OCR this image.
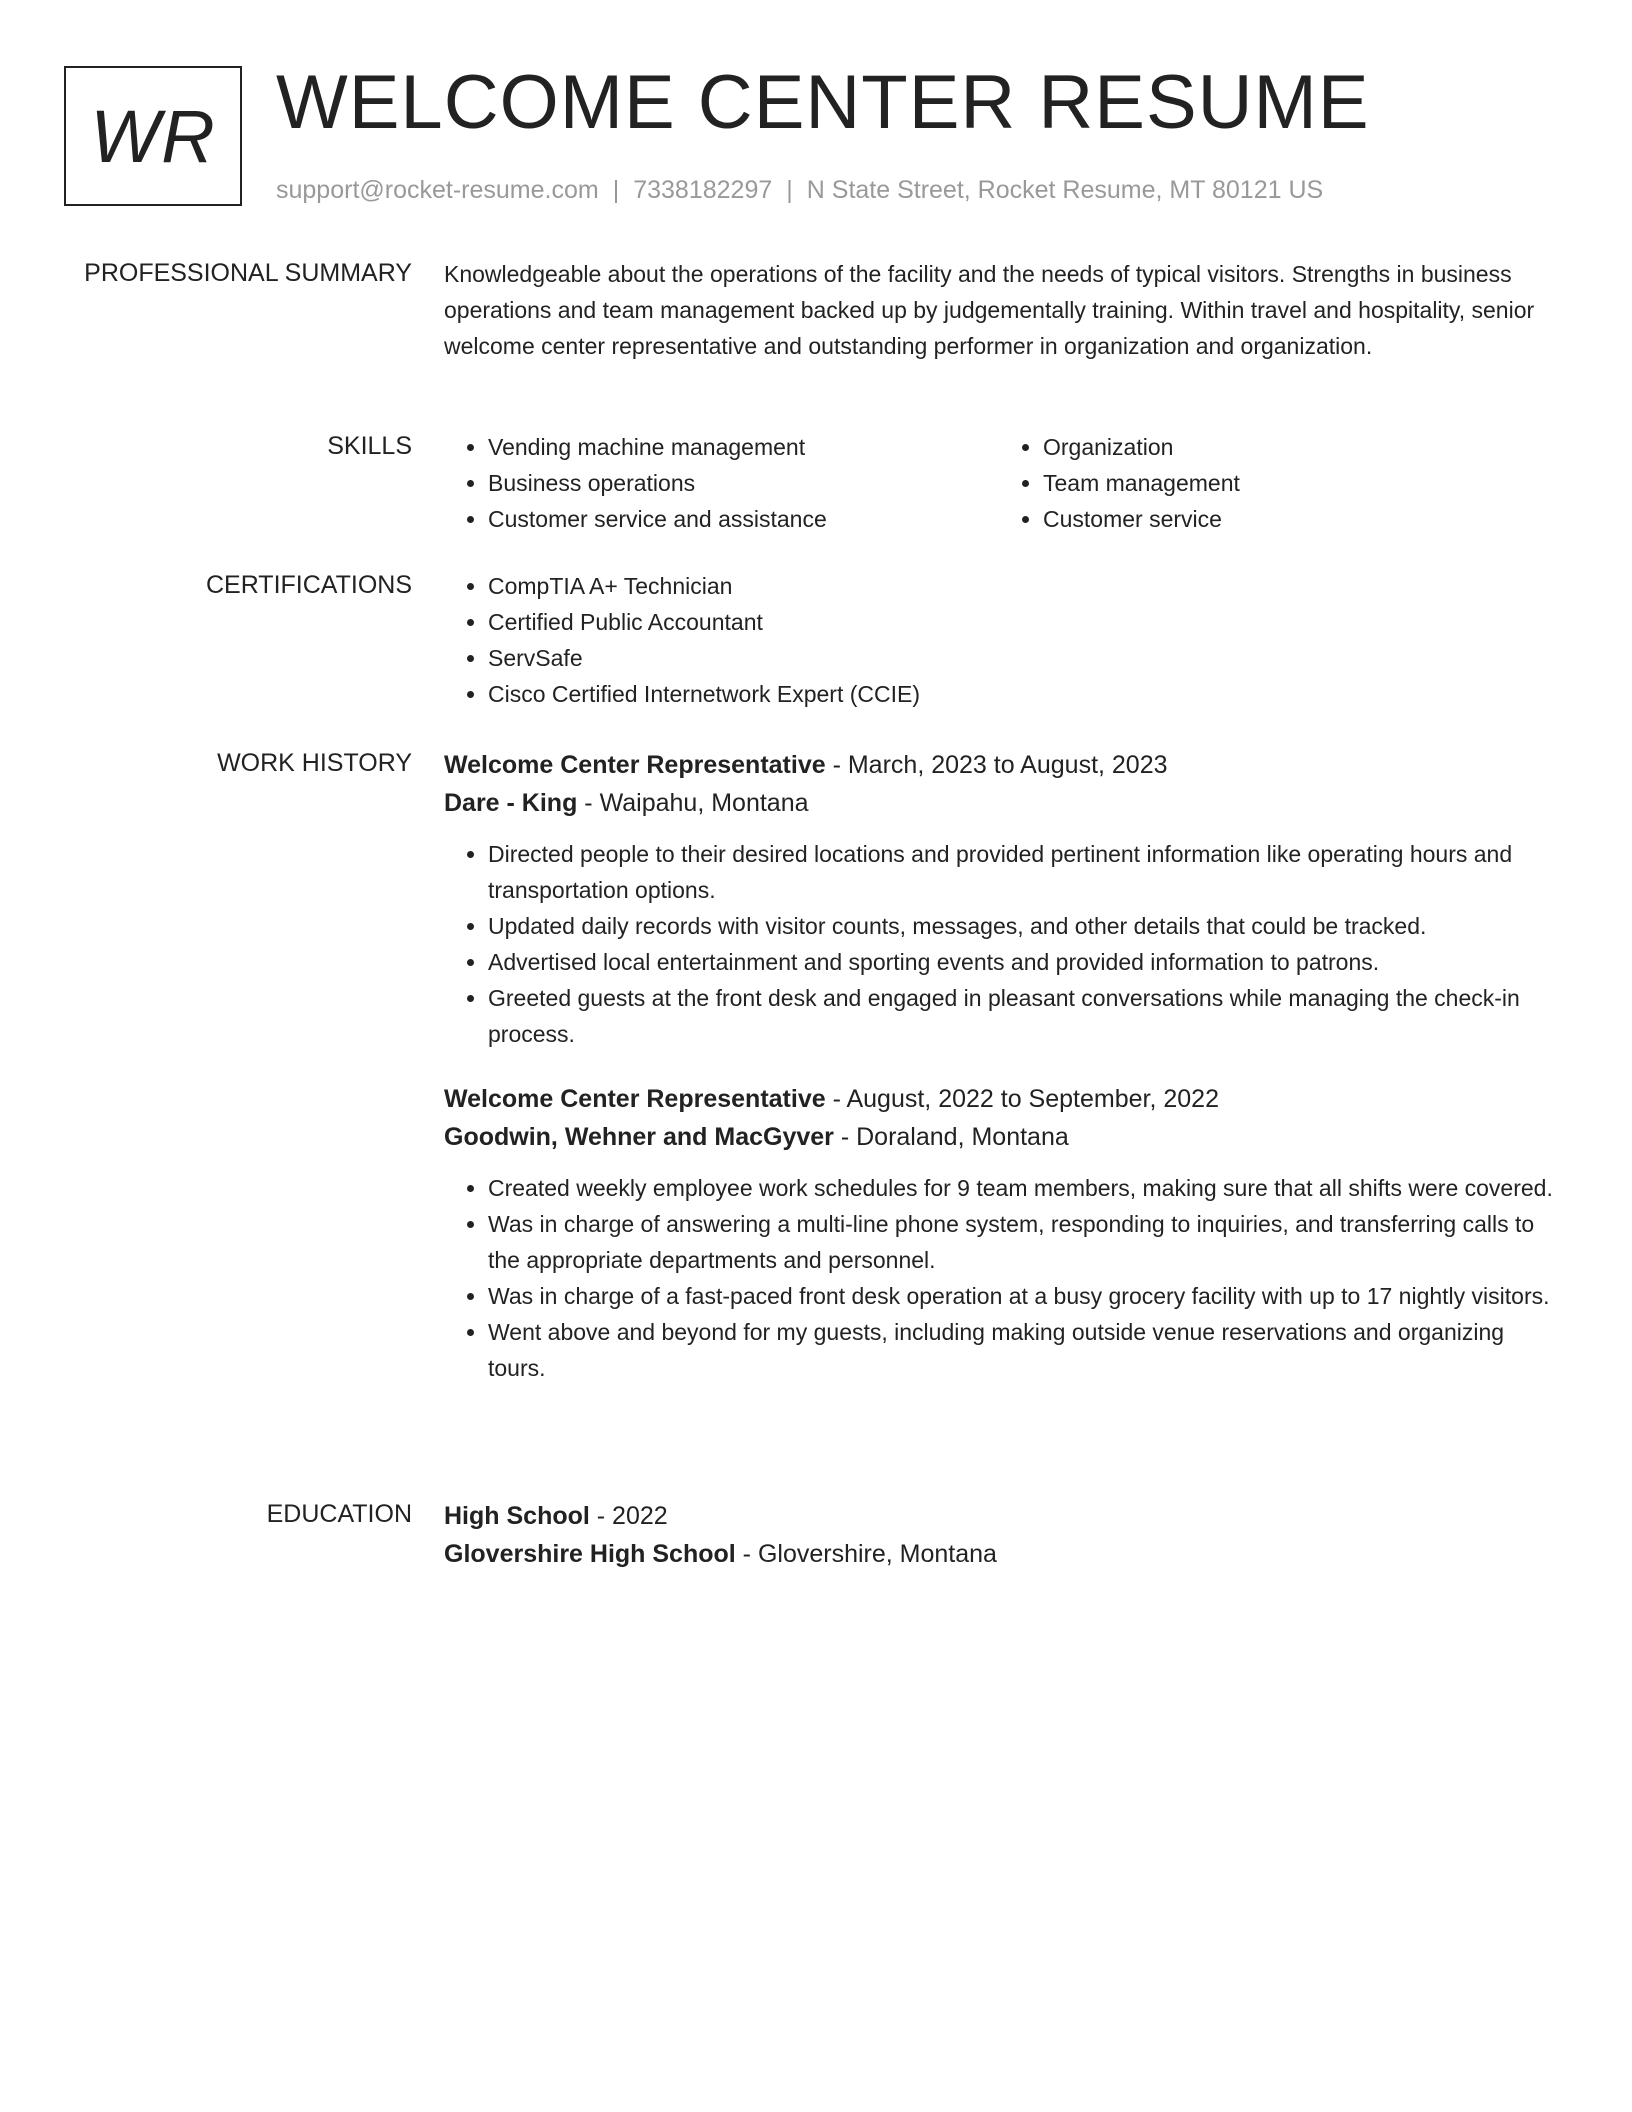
WR WELCOME CENTER RESUME
support@rocket-resume.com | 7338182297 | N State Street, Rocket Resume, MT 80121 US
PROFESSIONAL SUMMARY Knowledgeable about the operations of the facility and the needs of typical visitors. Strengths in business operations and team management backed up by judgementally training. Within travel and hospitality, senior welcome center representative and outstanding performer in organization and organization.
SKILLS	• Vending machine management
• Business operations
• Customer service and assistance
• Organization
• Team management
• Customer service
CERTIFICATIONS	• CompTIA A+ Technician
• Certified Public Accountant
• ServSafe
• Cisco Certified Internetwork Expert (CCIE)
WORK HISTORY Welcome Center Representative - March, 2023 to August, 2023
Dare - King - Waipahu, Montana
• Directed people to their desired locations and provided pertinent information like operating hours and transportation options.
• Updated daily records with visitor counts, messages, and other details that could be tracked.
• Advertised local entertainment and sporting events and provided information to patrons.
• Greeted guests at the front desk and engaged in pleasant conversations while managing the check-in process.
Welcome Center Representative - August, 2022 to September, 2022
Goodwin, Wehner and MacGyver - Doraland, Montana
• Created weekly employee work schedules for 9 team members, making sure that all shifts were covered.
• Was in charge of answering a multi-line phone system, responding to inquiries, and transferring calls to the appropriate departments and personnel.
• Was in charge of a fast-paced front desk operation at a busy grocery facility with up to 17 nightly visitors.
• Went above and beyond for my guests, including making outside venue reservations and organizing tours.
EDUCATION High School - 2022
Glovershire High School - Glovershire, Montana
